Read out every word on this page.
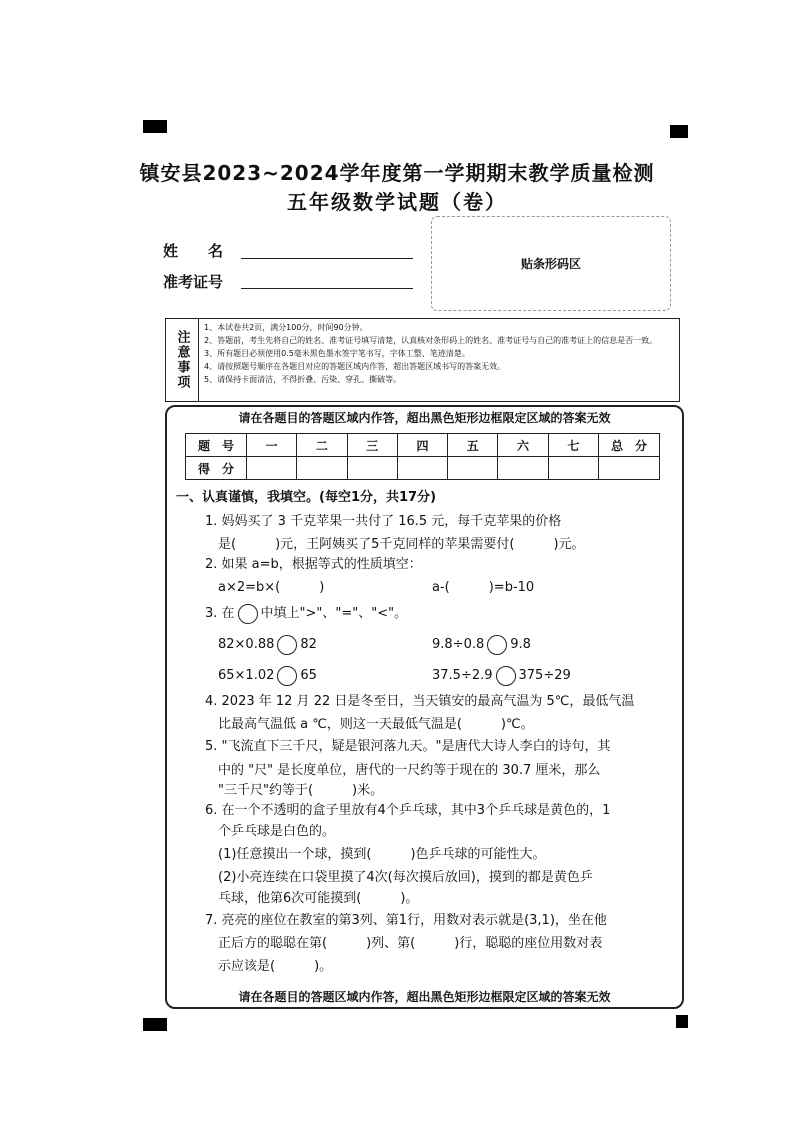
镇安县2023~2024学年度第一学期期末教学质量检测
五年级数学试题（卷）
姓　　名
准考证号
贴条形码区
注意事项
1、本试卷共2页，满分100分，时间90分钟。
2、答题前，考生先将自己的姓名、准考证号填写清楚，认真核对条形码上的姓名、准考证号与自己的准考证上的信息是否一致。
3、所有题目必须使用0.5毫米黑色墨水签字笔书写，字体工整、笔迹清楚。
4、请按照题号顺序在各题目对应的答题区域内作答，超出答题区域书写的答案无效。
5、请保持卡面清洁，不得折叠、污染、穿孔、撕破等。
请在各题目的答题区域内作答，超出黑色矩形边框限定区域的答案无效
请在各题目的答题区域内作答，超出黑色矩形边框限定区域的答案无效
题　号	一	二	三	四	五	六	七	总　分
得　分								
一、认真谨慎，我填空。(每空1分，共17分)
1. 妈妈买了 3 千克苹果一共付了 16.5 元，每千克苹果的价格
是(　　　)元，王阿姨买了5千克同样的苹果需要付(　　　)元。
2. 如果 a=b，根据等式的性质填空：
a×2=b×(　　　)	a-(　　　)=b-10
3. 在 中填上">"、"="、"<"。
82×0.88 82	9.8÷0.8 9.8
65×1.02 65	37.5÷2.9 375÷29
4. 2023 年 12 月 22 日是冬至日，当天镇安的最高气温为 5℃，最低气温
比最高气温低 a ℃，则这一天最低气温是(　　　)℃。
5. "飞流直下三千尺，疑是银河落九天。"是唐代大诗人李白的诗句，其
中的 "尺" 是长度单位，唐代的一尺约等于现在的 30.7 厘米，那么
"三千尺"约等于(　　　)米。
6. 在一个不透明的盒子里放有4个乒乓球，其中3个乒乓球是黄色的，1
个乒乓球是白色的。
(1)任意摸出一个球，摸到(　　　)色乒乓球的可能性大。
(2)小亮连续在口袋里摸了4次(每次摸后放回)，摸到的都是黄色乒
乓球，他第6次可能摸到(　　　)。
7. 亮亮的座位在教室的第3列、第1行，用数对表示就是(3,1)，坐在他
正后方的聪聪在第(　　　)列、第(　　　)行，聪聪的座位用数对表
示应该是(　　　)。
